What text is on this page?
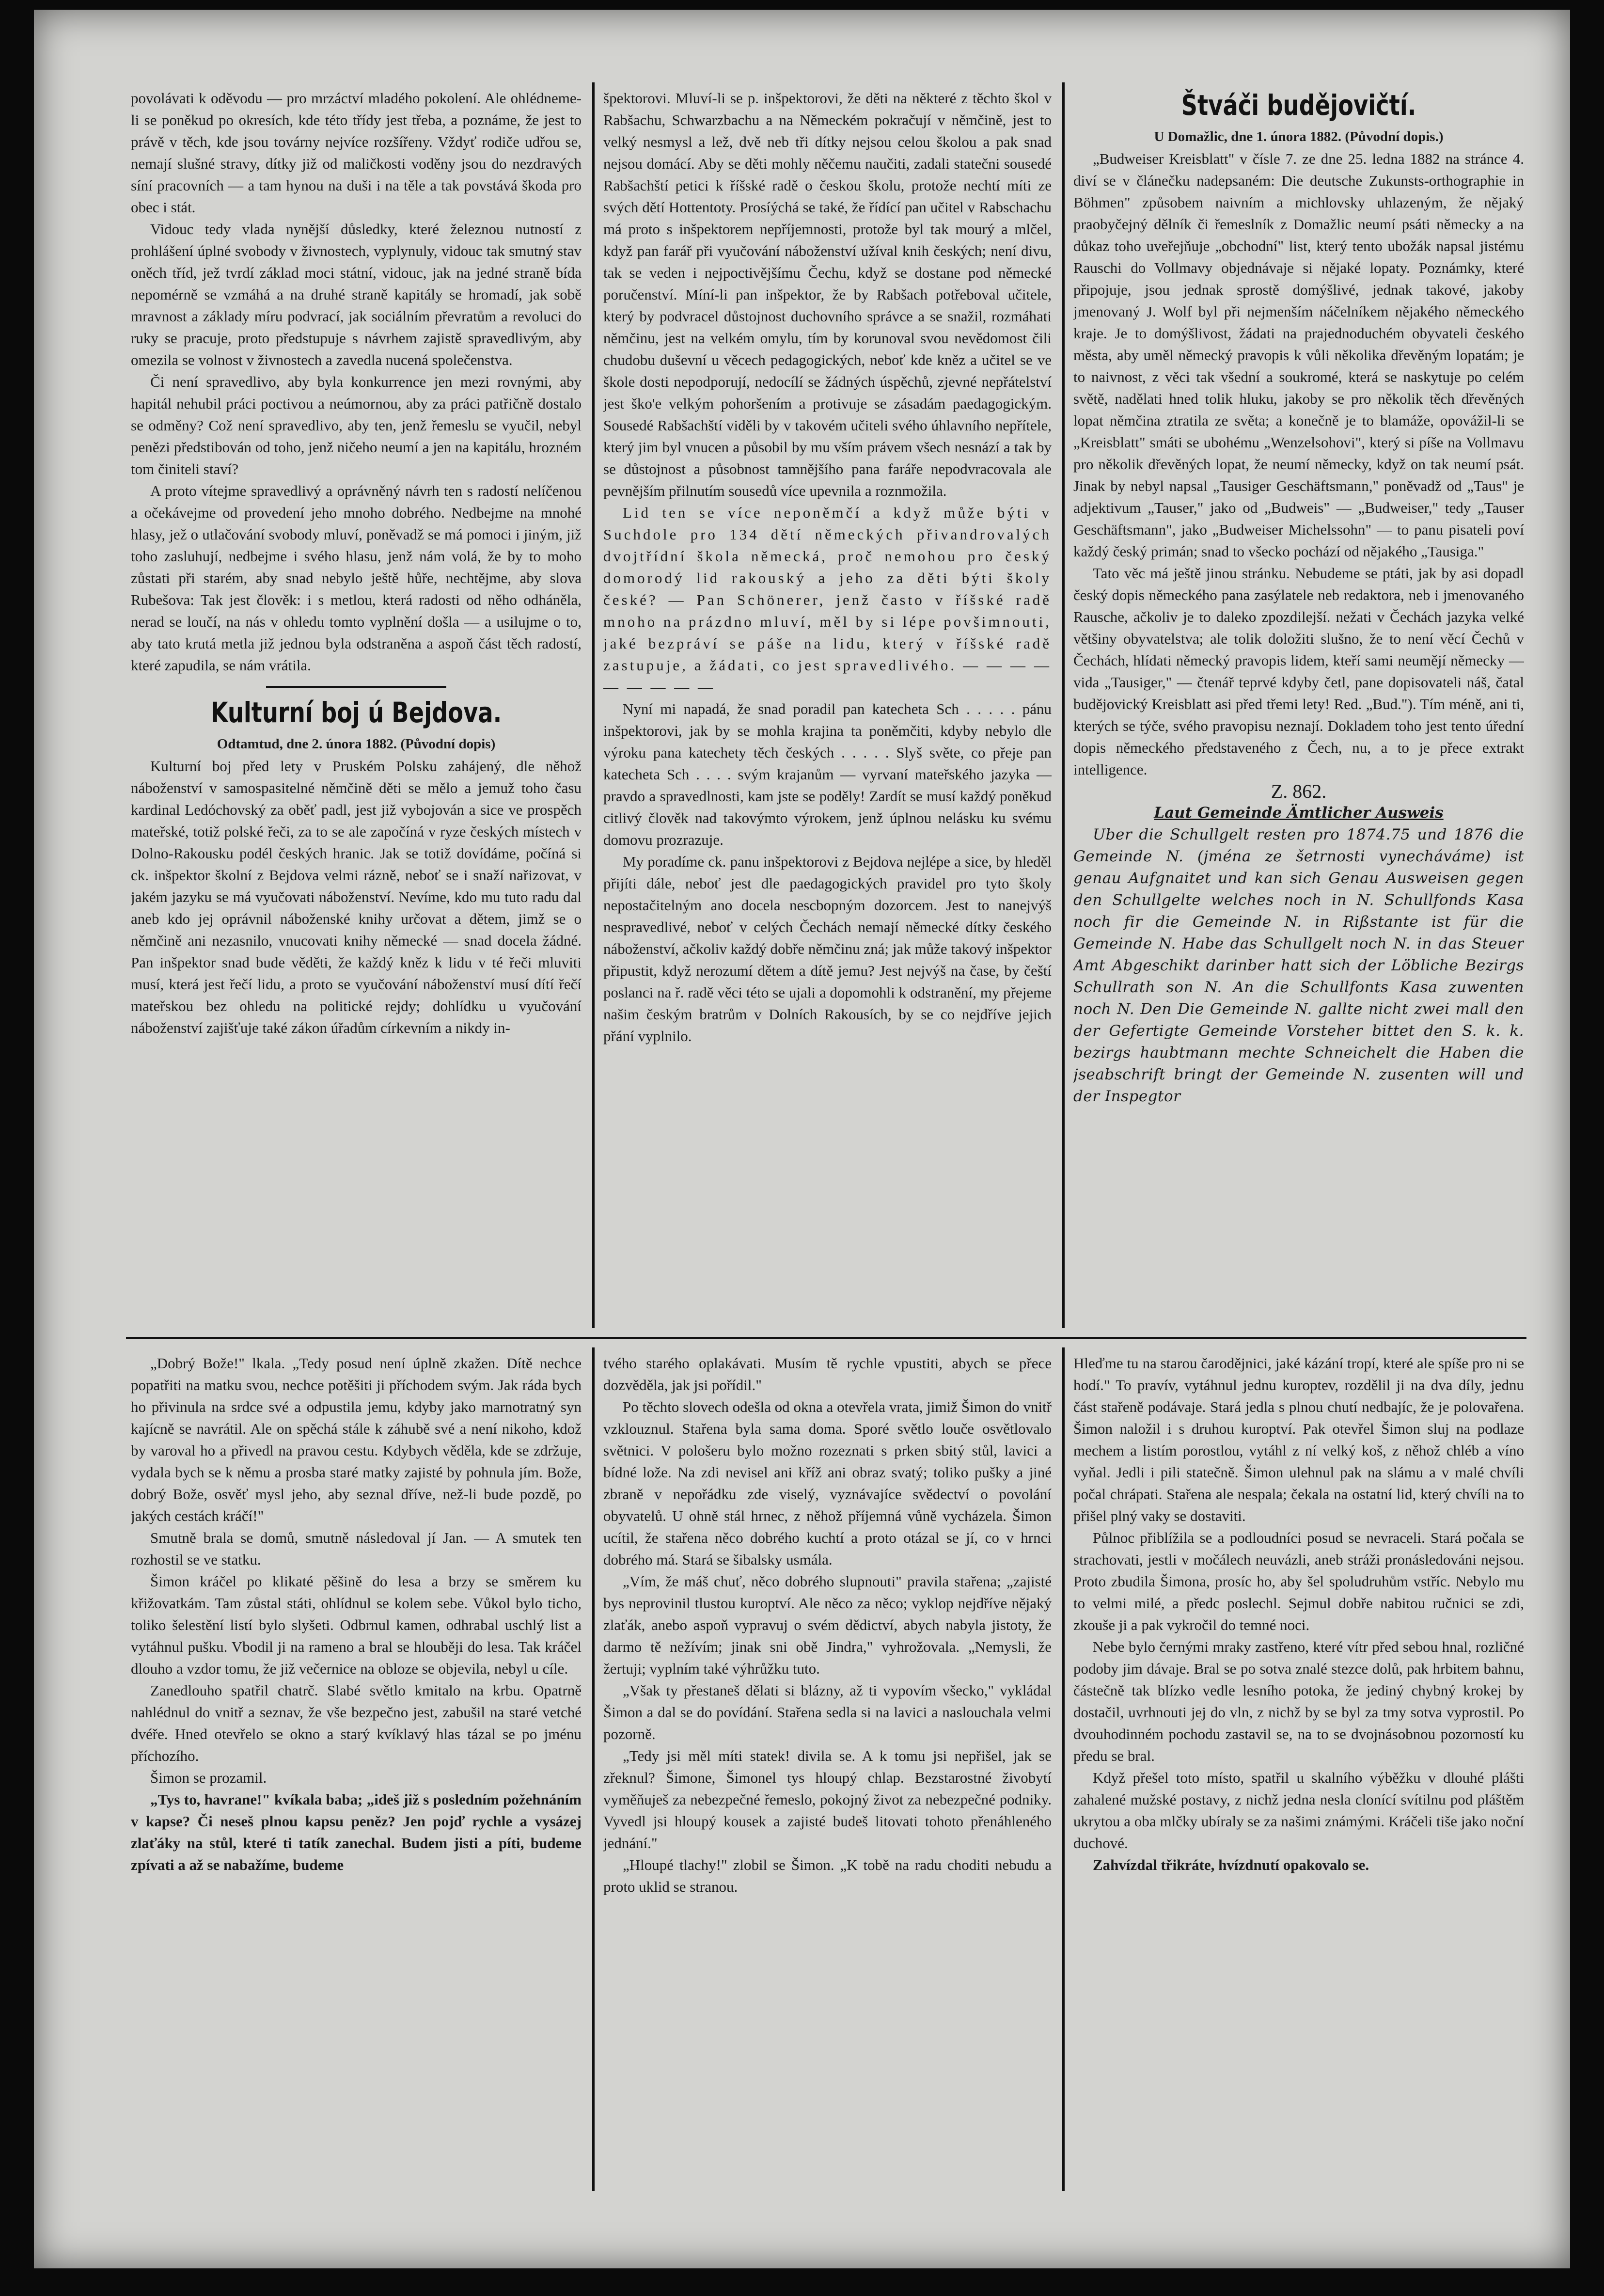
povolávati k oděvodu — pro mrzáctví mladého pokolení. Ale ohlédneme-li se poněkud po okresích, kde této třídy jest třeba, a poznáme, že jest to právě v těch, kde jsou továrny nejvíce rozšířeny. Vždyť rodiče udřou se, nemají slušné stravy, dítky již od maličkosti voděny jsou do nezdravých síní pracovních — a tam hynou na duši i na těle a tak povstává škoda pro obec i stát.

Vidouc tedy vlada nynější důsledky, které železnou nutností z prohlášení úplné svobody v živnostech, vyplynuly, vidouc tak smutný stav oněch tříd, jež tvrdí základ moci státní, vidouc, jak na jedné straně bída nepomérně se vzmáhá a na druhé straně kapitály se hromadí, jak sobě mravnost a základy míru podvrací, jak sociálním převratům a revoluci do ruky se pracuje, proto předstupuje s návrhem zajistě spravedlivým, aby omezila se volnost v živnostech a zavedla nucená společenstva.

Či není spravedlivo, aby byla konkurrence jen mezi rovnými, aby hapitál nehubil práci poctivou a neúmornou, aby za práci patřičně dostalo se odměny? Což není spravedlivo, aby ten, jenž řemeslu se vyučil, nebyl penězi předstibován od toho, jenž ničeho neumí a jen na kapitálu, hrozném tom činiteli staví?

A proto vítejme spravedlivý a oprávněný návrh ten s radostí nelíčenou a očekávejme od provedení jeho mnoho dobrého. Nedbejme na mnohé hlasy, jež o utlačování svobody mluví, poněvadž se má pomoci i jiným, již toho zasluhují, nedbejme i svého hlasu, jenž nám volá, že by to moho zůstati při starém, aby snad nebylo ještě hůře, nechtějme, aby slova Rubešova: Tak jest člověk: i s metlou, která radosti od něho odháněla, nerad se loučí, na nás v ohledu tomto vyplnění došla — a usilujme o to, aby tato krutá metla již jednou byla odstraněna a aspoň část těch radostí, které zapudila, se nám vrátila.

Kulturní boj ú Bejdova.

Odtamtud, dne 2. února 1882. (Původní dopis)

Kulturní boj před lety v Pruském Polsku zahájený, dle něhož náboženství v samospasitelné němčině děti se mělo a jemuž toho času kardinal Ledóchovský za oběť padl, jest již vybojován a sice ve prospěch mateřské, totiž polské řeči, za to se ale započíná v ryze českých místech v Dolno-Rakousku podél českých hranic. Jak se totiž dovídáme, počíná si ck. inšpektor školní z Bejdova velmi rázně, neboť se i snaží nařizovat, v jakém jazyku se má vyučovati náboženství. Nevíme, kdo mu tuto radu dal aneb kdo jej oprávnil náboženské knihy určovat a dětem, jimž se o němčině ani nezasnilo, vnucovati knihy německé — snad docela žádné. Pan inšpektor snad bude věděti, že každý kněz k lidu v té řeči mluviti musí, která jest řečí lidu, a proto se vyučování náboženství musí dítí řečí mateřskou bez ohledu na politické rejdy; dohlídku u vyučování náboženství zajišťuje také zákon úřadům církevním a nikdy in-

špektorovi. Mluví-li se p. inšpektorovi, že děti na některé z těchto škol v Rabšachu, Schwarzbachu a na Německém pokračují v němčině, jest to velký nesmysl a lež, dvě neb tři dítky nejsou celou školou a pak snad nejsou domácí. Aby se děti mohly něčemu naučiti, zadali statečni sousedé Rabšachští petici k říšské radě o českou školu, protože nechtí míti ze svých dětí Hottentoty. Prosíýchá se také, že řídící pan učitel v Rabschachu má proto s inšpektorem nepříjemnosti, protože byl tak mourý a mlčel, když pan farář při vyučování náboženství užíval knih českých; není divu, tak se veden i nejpoctivějšímu Čechu, když se dostane pod německé poručenství. Míní-li pan inšpektor, že by Rabšach potřeboval učitele, který by podvracel důstojnost duchovního správce a se snažil, rozmáhati němčinu, jest na velkém omylu, tím by korunoval svou nevědomost čili chudobu duševní u věcech pedagogických, neboť kde kněz a učitel se ve škole dosti nepodporují, nedocílí se žádných úspěchů, zjevné nepřátelství jest ško'e velkým pohoršením a protivuje se zásadám paedagogickým. Sousedé Rabšachští viděli by v takovém učiteli svého úhlavního nepřítele, který jim byl vnucen a působil by mu vším právem všech nesnází a tak by se důstojnost a působnost tamnějšího pana faráře nepodvracovala ale pevnějším přilnutím sousedů více upevnila a roznmožila.

Lid ten se více neponěmčí a když může býti v Suchdole pro 134 dětí německých přivandrovalých dvojtřídní škola německá, proč nemohou pro český domorodý lid rakouský a jeho za děti býti školy české? — Pan Schönerer, jenž často v říšské radě mnoho na prázdno mluví, měl by si lépe povšimnouti, jaké bezpráví se páše na lidu, který v říšské radě zastupuje, a žádati, co jest spravedlivého. — — — — — — — — —

Nyní mi napadá, že snad poradil pan katecheta Sch . . . . . pánu inšpektorovi, jak by se mohla krajina ta poněmčiti, kdyby nebylo dle výroku pana katechety těch českých . . . . . Slyš světe, co přeje pan katecheta Sch . . . . svým krajanům — vyrvaní mateřského jazyka — pravdo a spravedlnosti, kam jste se poděly! Zardít se musí každý poněkud citlivý člověk nad takovýmto výrokem, jenž úplnou nelásku ku svému domovu prozrazuje.

My poradíme ck. panu inšpektorovi z Bejdova nejlépe a sice, by hleděl přijíti dále, neboť jest dle paedagogických pravidel pro tyto školy nepostačitelným ano docela nescbopným dozorcem. Jest to nanejvýš nespravedlivé, neboť v celých Čechách nemají německé dítky českého náboženství, ačkoliv každý dobře němčinu zná; jak může takový inšpektor připustit, když nerozumí dětem a dítě jemu? Jest nejvýš na čase, by čeští poslanci na ř. radě věci této se ujali a dopomohli k odstranění, my přejeme našim českým bratrům v Dolních Rakousích, by se co nejdříve jejich přání vyplnilo.

Štváči budějovičtí.

U Domažlic, dne 1. února 1882. (Původní dopis.)

„Budweiser Kreisblatt" v čísle 7. ze dne 25. ledna 1882 na stránce 4. diví se v článečku nadepsaném: Die deutsche Zukunsts-orthographie in Böhmen" způsobem naivním a michlovsky uhlazeným, že nějaký praobyčejný dělník či řemeslník z Domažlic neumí psáti německy a na důkaz toho uveřejňuje „obchodní" list, který tento ubožák napsal jistému Rauschi do Vollmavy objednávaje si nějaké lopaty. Poznámky, které připojuje, jsou jednak sprostě domýšlivé, jednak takové, jakoby jmenovaný J. Wolf byl při nejmenším náčelníkem nějakého německého kraje. Je to domýšlivost, žádati na prajednoduchém obyvateli českého města, aby uměl německý pravopis k vůli několika dřevěným lopatám; je to naivnost, z věci tak všední a soukromé, která se naskytuje po celém světě, nadělati hned tolik hluku, jakoby se pro několik těch dřevěných lopat němčina ztratila ze světa; a konečně je to blamáže, opovážil-li se „Kreisblatt" smáti se ubohému „Wenzelsohovi", který si píše na Vollmavu pro několik dřevěných lopat, že neumí německy, když on tak neumí psát. Jinak by nebyl napsal „Tausiger Geschäftsmann," poněvadž od „Taus" je adjektivum „Tauser," jako od „Budweis" — „Budweiser," tedy „Tauser Geschäftsmann", jako „Budweiser Michelssohn" — to panu pisateli poví každý český primán; snad to všecko pochází od nějakého „Tausiga."

Tato věc má ještě jinou stránku. Nebudeme se ptáti, jak by asi dopadl český dopis německého pana zasýlatele neb redaktora, neb i jmenovaného Rausche, ačkoliv je to daleko zpozdilejší. nežati v Čechách jazyka velké většiny obyvatelstva; ale tolik doložiti slušno, že to není věcí Čechů v Čechách, hlídati německý pravopis lidem, kteří sami neumějí německy — vida „Tausiger," — čtenář teprvé kdyby četl, pane dopisovateli náš, čatal budějovický Kreisblatt asi před třemi lety! Red. „Bud."). Tím méně, ani ti, kterých se týče, svého pravopisu neznají. Dokladem toho jest tento úřední dopis německého představeného z Čech, nu, a to je přece extrakt intelligence.

Z. 862.

Laut Gemeinde Ämtlicher Ausweis

Uber die Schullgelt resten pro 1874.75 und 1876 die Gemeinde N. (jména ze šetrnosti vynecháváme) ist genau Aufgnaitet und kan sich Genau Ausweisen gegen den Schullgelte welches noch in N. Schullfonds Kasa noch fir die Gemeinde N. in Rißstante ist für die Gemeinde N. Habe das Schullgelt noch N. in das Steuer Amt Abgeschikt darinber hatt sich der Löbliche Bezirgs Schullrath son N. An die Schullfonts Kasa zuwenten noch N. Den Die Gemeinde N. gallte nicht zwei mall den der Gefertigte Gemeinde Vorsteher bittet den S. k. k. bezirgs haubtmann mechte Schneichelt die Haben die jseabschrift bringt der Gemeinde N. zusenten will und der Inspegtor

„Dobrý Bože!" lkala. „Tedy posud není úplně zkažen. Dítě nechce popatřiti na matku svou, nechce potěšiti ji příchodem svým. Jak ráda bych ho přivinula na srdce své a odpustila jemu, kdyby jako marnotratný syn kajícně se navrátil. Ale on spěchá stále k záhubě své a není nikoho, kdož by varoval ho a přivedl na pravou cestu. Kdybych věděla, kde se zdržuje, vydala bych se k němu a prosba staré matky zajisté by pohnula jím. Bože, dobrý Bože, osvěť mysl jeho, aby seznal dříve, než-li bude pozdě, po jakých cestách kráčí!"

Smutně brala se domů, smutně následoval jí Jan. — A smutek ten rozhostil se ve statku.

Šimon kráčel po klikaté pěšině do lesa a brzy se směrem ku křižovatkám. Tam zůstal státi, ohlídnul se kolem sebe. Vůkol bylo ticho, toliko šelestění listí bylo slyšeti. Odbrnul kamen, odhrabal uschlý list a vytáhnul pušku. Vbodil ji na rameno a bral se hlouběji do lesa. Tak kráčel dlouho a vzdor tomu, že již večernice na obloze se objevila, nebyl u cíle.

Zanedlouho spatřil chatrč. Slabé světlo kmitalo na krbu. Opatrně nahlédnul do vnitř a seznav, že vše bezpečno jest, zabušil na staré vetché dvéře. Hned otevřelo se okno a starý kvíklavý hlas tázal se po jménu příchozího.

Šimon se prozamil.

„Tys to, havrane!" kvíkala baba; „ideš již s posledním požehnáním v kapse? Či neseš plnou kapsu peněz? Jen pojď rychle a vysázej zlaťáky na stůl, které ti tatík zanechal. Budem jisti a píti, budeme zpívati a až se nabažíme, budeme

tvého starého oplakávati. Musím tě rychle vpustiti, abych se přece dozvěděla, jak jsi pořídil."

Po těchto slovech odešla od okna a otevřela vrata, jimiž Šimon do vnitř vzklouznul. Stařena byla sama doma. Sporé světlo louče osvětlovalo světnici. V pološeru bylo možno rozeznati s prken sbitý stůl, lavici a bídné lože. Na zdi nevisel ani kříž ani obraz svatý; toliko pušky a jiné zbraně v nepořádku zde viselý, vyznávajíce svědectví o povolání obyvatelů. U ohně stál hrnec, z něhož příjemná vůně vycházela. Šimon ucítil, že stařena něco dobrého kuchtí a proto otázal se jí, co v hrnci dobrého má. Stará se šibalsky usmála.

„Vím, že máš chuť, něco dobrého slupnouti" pravila stařena; „zajisté bys neprovinil tlustou kuroptví. Ale něco za něco; vyklop nejdříve nějaký zlaťák, anebo aspoň vypravuj o svém dědictví, abych nabyla jistoty, že darmo tě nežívím; jinak sni obě Jindra," vyhrožovala. „Nemysli, že žertuji; vyplním také výhrůžku tuto.

„Však ty přestaneš dělati si blázny, až ti vypovím všecko," vykládal Šimon a dal se do povídání. Stařena sedla si na lavici a naslouchala velmi pozorně.

„Tedy jsi měl míti statek! divila se. A k tomu jsi nepřišel, jak se zřeknul? Šimone, Šimonel tys hloupý chlap. Bezstarostné živobytí vyměňuješ za nebezpečné řemeslo, pokojný život za nebezpečné podniky. Vyvedl jsi hloupý kousek a zajisté budeš litovati tohoto přenáhleného jednání."

„Hloupé tlachy!" zlobil se Šimon. „K tobě na radu choditi nebudu a proto uklid se stranou.

Hleďme tu na starou čarodějnici, jaké kázání tropí, které ale spíše pro ni se hodí." To pravív, vytáhnul jednu kuroptev, rozdělil ji na dva díly, jednu část stařeně podávaje. Stará jedla s plnou chutí nedbajíc, že je polovařena. Šimon naložil i s druhou kuroptví. Pak otevřel Šimon sluj na podlaze mechem a listím porostlou, vytáhl z ní velký koš, z něhož chléb a víno vyňal. Jedli i pili statečně. Šimon ulehnul pak na slámu a v malé chvíli počal chrápati. Stařena ale nespala; čekala na ostatní lid, který chvíli na to přišel plný vaky se dostaviti.

Půlnoc přiblížila se a podloudníci posud se nevraceli. Stará počala se strachovati, jestli v močálech neuvázli, aneb stráži pronásledováni nejsou. Proto zbudila Šimona, prosíc ho, aby šel spoludruhům vstříc. Nebylo mu to velmi milé, a předc poslechl. Sejmul dobře nabitou ručnici se zdi, zkouše ji a pak vykročil do temné noci.

Nebe bylo černými mraky zastřeno, které vítr před sebou hnal, rozličné podoby jim dávaje. Bral se po sotva znalé stezce dolů, pak hrbitem bahnu, částečně tak blízko vedle lesního potoka, že jediný chybný krokej by dostačil, uvrhnouti jej do vln, z nichž by se byl za tmy sotva vyprostil. Po dvouhodinném pochodu zastavil se, na to se dvojnásobnou pozorností ku předu se bral.

Když přešel toto místo, spatřil u skalního výběžku v dlouhé plášti zahalené mužské postavy, z nichž jedna nesla clonící svítilnu pod pláštěm ukrytou a oba mlčky ubíraly se za našimi známými. Kráčeli tiše jako noční duchové.

Zahvízdal třikráte, hvízdnutí opakovalo se.
